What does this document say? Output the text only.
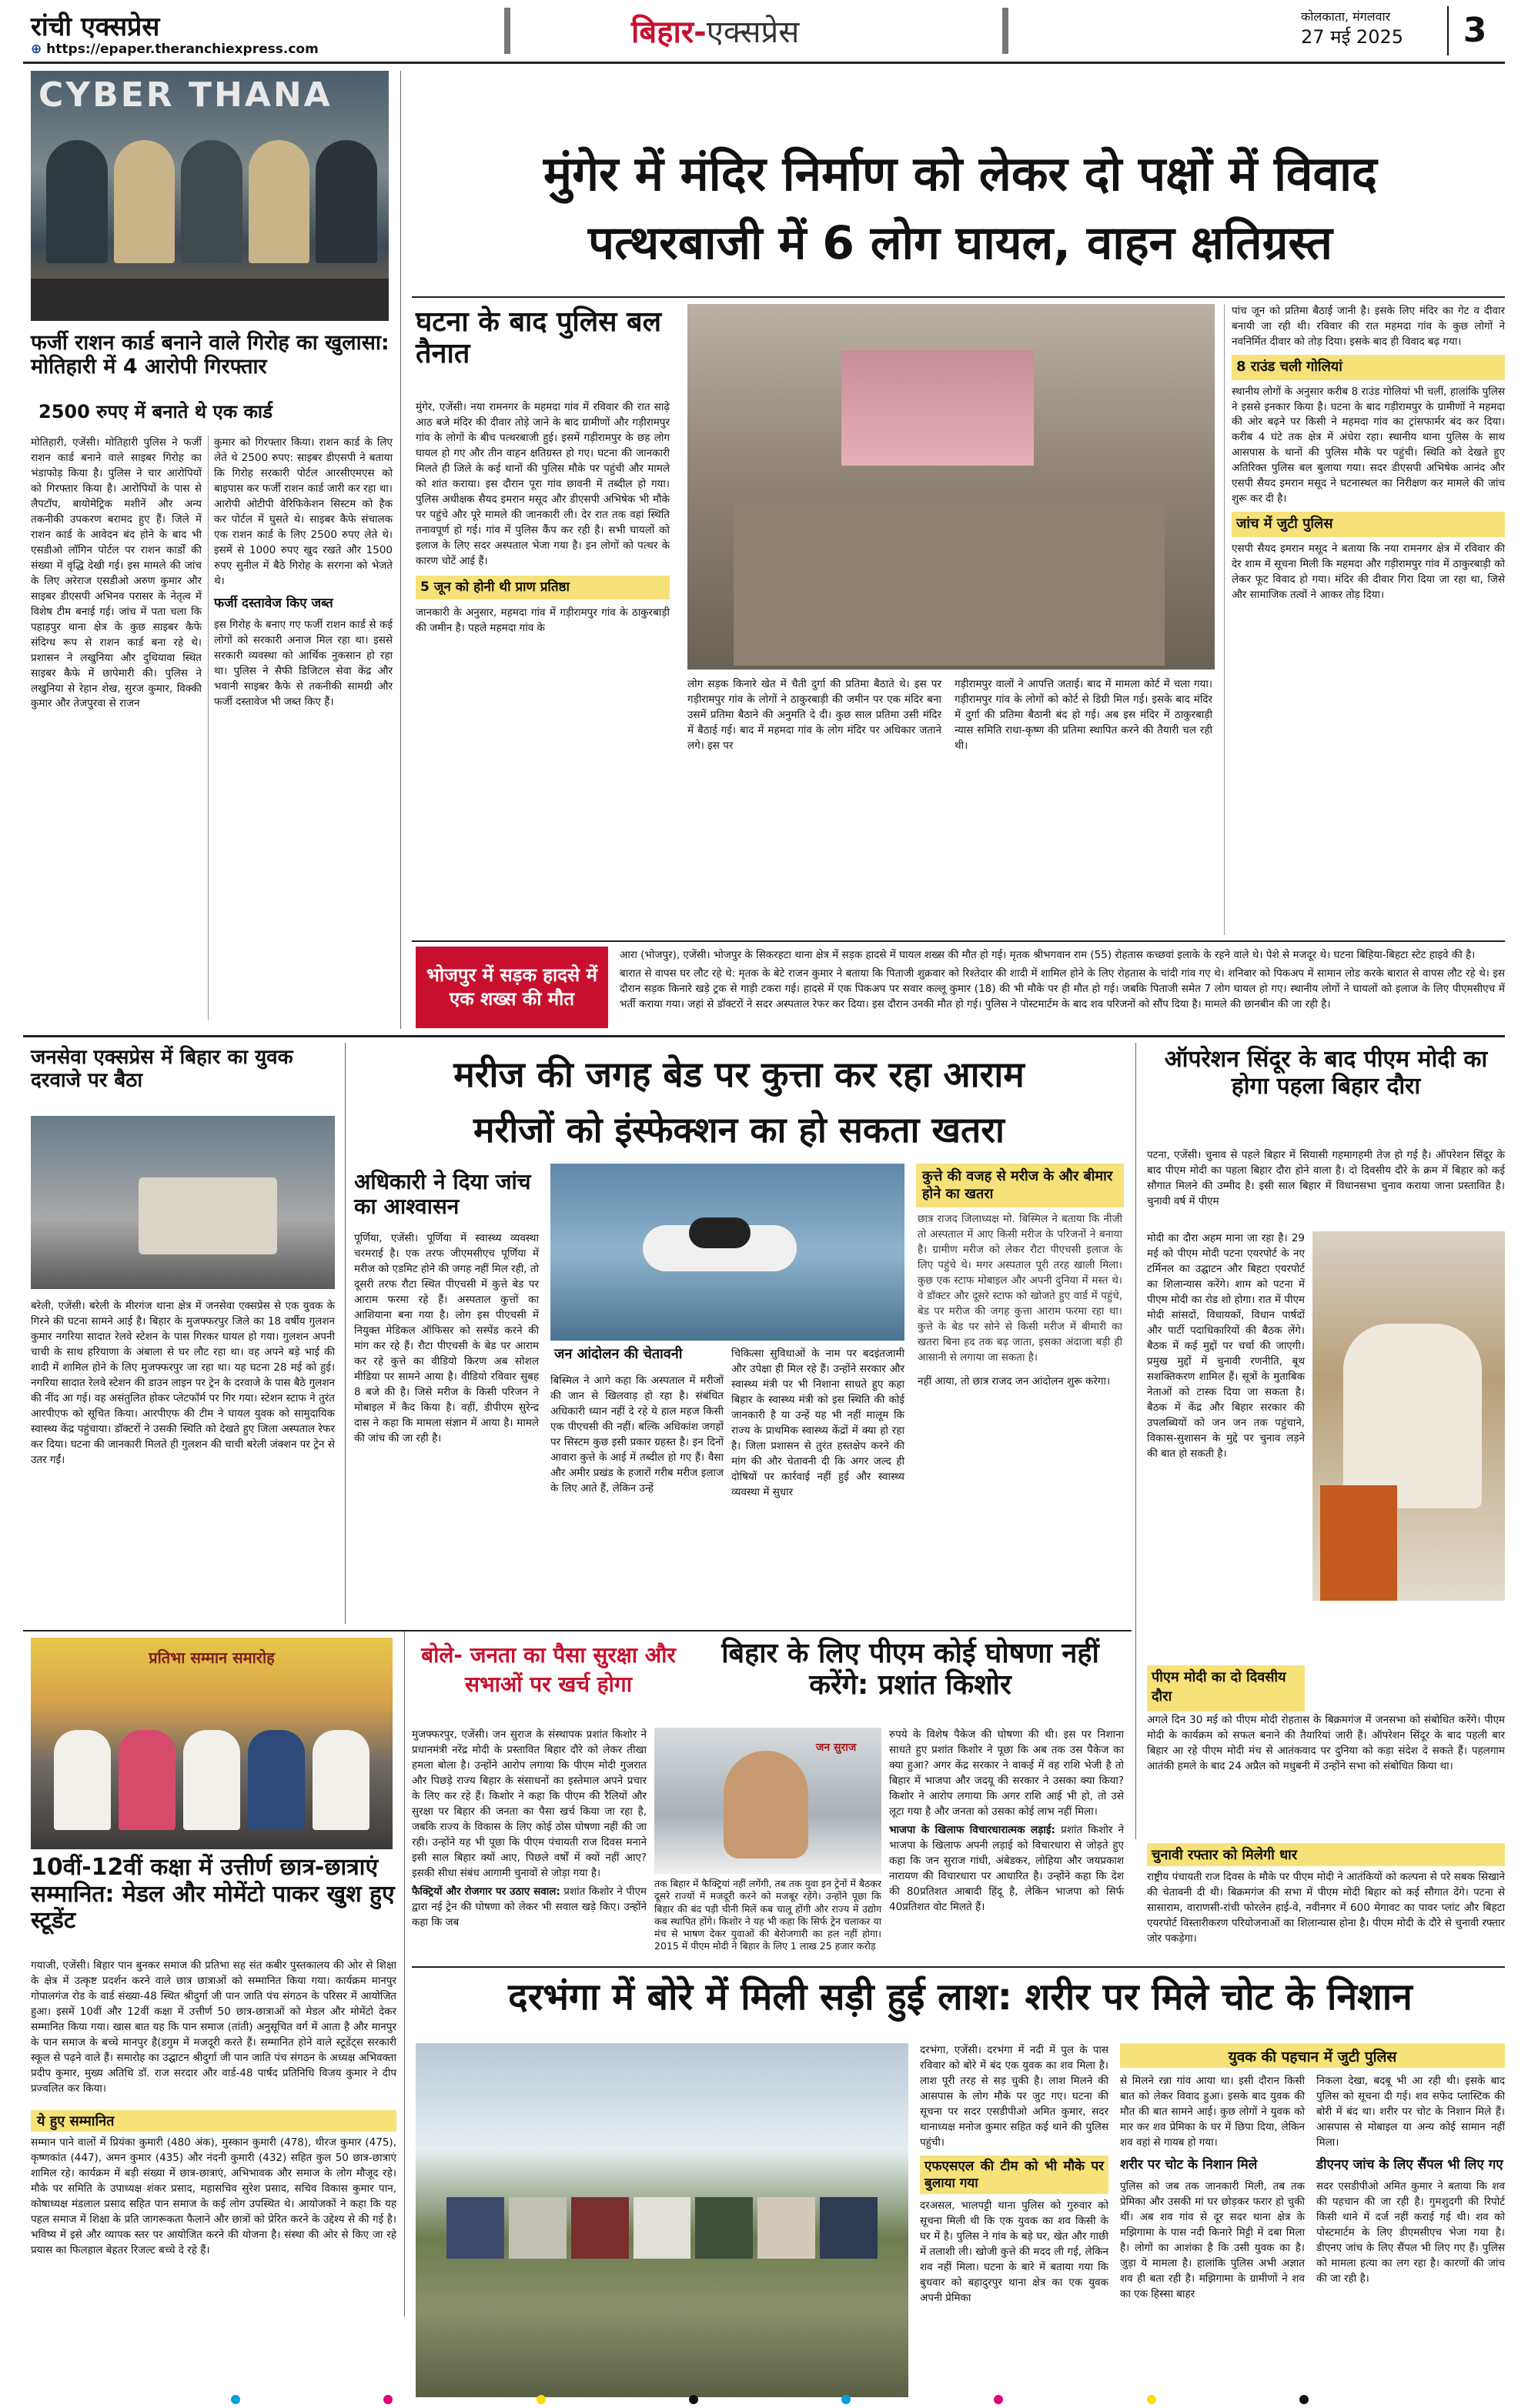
रांची एक्सप्रेस
⊕ https://epaper.theranchiexpress.com	बिहार-एक्सप्रेस	कोलकाता, मंगलवार
27 मई 2025	3
CYBER THANA
फर्जी राशन कार्ड बनाने वाले गिरोह का खुलासा: मोतिहारी में 4 आरोपी गिरफ्तार
2500 रुपए में बनाते थे एक कार्ड
मोतिहारी, एजेंसी। मोतिहारी पुलिस ने फर्जी राशन कार्ड बनाने वाले साइबर गिरोह का भंडाफोड़ किया है। पुलिस ने चार आरोपियों को गिरफ्तार किया है। आरोपियों के पास से लैपटॉप, बायोमेट्रिक मशीनें और अन्य तकनीकी उपकरण बरामद हुए हैं। जिले में राशन कार्ड के आवेदन बंद होने के बाद भी एसडीओ लॉगिन पोर्टल पर राशन कार्डों की संख्या में वृद्धि देखी गई। इस मामले की जांच के लिए अरेराज एसडीओ अरुण कुमार और साइबर डीएसपी अभिनव परासर के नेतृत्व में विशेष टीम बनाई गई। जांच में पता चला कि पहाड़पुर थाना क्षेत्र के कुछ साइबर कैफे संदिग्ध रूप से राशन कार्ड बना रहे थे। प्रशासन ने लखुनिया और दुधियावा स्थित साइबर कैफे में छापेमारी की। पुलिस ने लखुनिया से रेहान शेख, सुरज कुमार, विक्की कुमार और तेजपुरवा से राजन

कुमार को गिरफ्तार किया। राशन कार्ड के लिए लेते थे 2500 रुपए: साइबर डीएसपी ने बताया कि गिरोह सरकारी पोर्टल आरसीएमएस को बाइपास कर फर्जी राशन कार्ड जारी कर रहा था। आरोपी ओटीपी वेरिफिकेशन सिस्टम को हैक कर पोर्टल में घुसते थे। साइबर कैफे संचालक एक राशन कार्ड के लिए 2500 रुपए लेते थे। इसमें से 1000 रुपए खुद रखते और 1500 रुपए सुनील में बैठे गिरोह के सरगना को भेजते थे।

फर्जी दस्तावेज किए जब्त

इस गिरोह के बनाए गए फर्जी राशन कार्ड से कई लोगों को सरकारी अनाज मिल रहा था। इससे सरकारी व्यवस्था को आर्थिक नुकसान हो रहा था। पुलिस ने सैफी डिजिटल सेवा केंद्र और भवानी साइबर कैफे से तकनीकी सामग्री और फर्जी दस्तावेज भी जब्त किए हैं।

मुंगेर में मंदिर निर्माण को लेकर दो पक्षों में विवाद
पत्थरबाजी में 6 लोग घायल, वाहन क्षतिग्रस्त
घटना के बाद पुलिस बल तैनात

मुंगेर, एजेंसी। नया रामनगर के महमदा गांव में रविवार की रात साढ़े आठ बजे मंदिर की दीवार तोड़े जाने के बाद ग्रामीणों और गड़ीरामपुर गांव के लोगों के बीच पत्थरबाजी हुई। इसमें गड़ीरामपुर के छह लोग घायल हो गए और तीन वाहन क्षतिग्रस्त हो गए। घटना की जानकारी मिलते ही जिले के कई थानों की पुलिस मौके पर पहुंची और मामले को शांत कराया। इस दौरान पूरा गांव छावनी में तब्दील हो गया। पुलिस अधीक्षक सैयद इमरान मसूद और डीएसपी अभिषेक भी मौके पर पहुंचे और पूरे मामले की जानकारी ली। देर रात तक वहां स्थिति तनावपूर्ण हो गई। गांव में पुलिस कैंप कर रही है। सभी घायलों को इलाज के लिए सदर अस्पताल भेजा गया है। इन लोगों को पत्थर के कारण चोटें आई हैं।

5 जून को होनी थी प्राण प्रतिष्ठा

जानकारी के अनुसार, महमदा गांव में गड़ीरामपुर गांव के ठाकुरबाड़ी की जमीन है। पहले महमदा गांव के

लोग सड़क किनारे खेत में चैती दुर्गा की प्रतिमा बैठाते थे। इस पर गड़ीरामपुर गांव के लोगों ने ठाकुरबाड़ी की जमीन पर एक मंदिर बना उसमें प्रतिमा बैठाने की अनुमति दे दी। कुछ साल प्रतिमा उसी मंदिर में बैठाई गई। बाद में महमदा गांव के लोग मंदिर पर अधिकार जताने लगे। इस पर
गड़ीरामपुर वालों ने आपत्ति जताई। बाद में मामला कोर्ट में चला गया। गड़ीरामपुर गांव के लोगों को कोर्ट से डिग्री मिल गई। इसके बाद मंदिर में दुर्गा की प्रतिमा बैठानी बंद हो गई। अब इस मंदिर में ठाकुरबाड़ी न्यास समिति राधा-कृष्ण की प्रतिमा स्थापित करने की तैयारी चल रही थी।

पांच जून को प्रतिमा बैठाई जानी है। इसके लिए मंदिर का गेट व दीवार बनायी जा रही थी। रविवार की रात महमदा गांव के कुछ लोगों ने नवनिर्मित दीवार को तोड़ दिया। इसके बाद ही विवाद बढ़ गया।

8 राउंड चली गोलियां

स्थानीय लोगों के अनुसार करीब 8 राउंड गोलियां भी चलीं, हालांकि पुलिस ने इससे इनकार किया है। घटना के बाद गड़ीरामपुर के ग्रामीणों ने महमदा की ओर बढ़ने पर किसी ने महमदा गांव का ट्रांसफार्मर बंद कर दिया। करीब 4 घंटे तक क्षेत्र में अंधेरा रहा। स्थानीय थाना पुलिस के साथ आसपास के थानों की पुलिस मौके पर पहुंची। स्थिति को देखते हुए अतिरिक्त पुलिस बल बुलाया गया। सदर डीएसपी अभिषेक आनंद और एसपी सैयद इमरान मसूद ने घटनास्थल का निरीक्षण कर मामले की जांच शुरू कर दी है।

जांच में जुटी पुलिस

एसपी सैयद इमरान मसूद ने बताया कि नया रामनगर क्षेत्र में रविवार की देर शाम में सूचना मिली कि महमदा और गड़ीरामपुर गांव में ठाकुरबाड़ी को लेकर फूट विवाद हो गया। मंदिर की दीवार गिरा दिया जा रहा था, जिसे और सामाजिक तत्वों ने आकर तोड़ दिया।

भोजपुर में सड़क हादसे में एक शख्स की मौत

आरा (भोजपुर), एजेंसी। भोजपुर के सिकरहटा थाना क्षेत्र में सड़क हादसे में घायल शख्स की मौत हो गई। मृतक श्रीभगवान राम (55) रोहतास कच्छवां इलाके के रहने वाले थे। पेशे से मजदूर थे। घटना बिहिया-बिहटा स्टेट हाइवे की है।

बारात से वापस घर लौट रहे थे: मृतक के बेटे राजन कुमार ने बताया कि पिताजी शुक्रवार को रिश्तेदार की शादी में शामिल होने के लिए रोहतास के चांदी गांव गए थे। शनिवार को पिकअप में सामान लोड करके बारात से वापस लौट रहे थे। इस दौरान सड़क किनारे खड़े ट्रक से गाड़ी टकरा गई। हादसे में एक पिकअप पर सवार कल्लू कुमार (18) की भी मौके पर ही मौत हो गई। जबकि पिताजी समेत 7 लोग घायल हो गए। स्थानीय लोगों ने घायलों को इलाज के लिए पीएमसीएच में भर्ती कराया गया। जहां से डॉक्टरों ने सदर अस्पताल रेफर कर दिया। इस दौरान उनकी मौत हो गई। पुलिस ने पोस्टमार्टम के बाद शव परिजनों को सौंप दिया है। मामले की छानबीन की जा रही है।

जनसेवा एक्सप्रेस में बिहार का युवक दरवाजे पर बैठा
बरेली, एजेंसी। बरेली के मीरगंज थाना क्षेत्र में जनसेवा एक्सप्रेस से एक युवक के गिरने की घटना सामने आई है। बिहार के मुजफ्फरपुर जिले का 18 वर्षीय गुलशन कुमार नगरिया सादात रेलवे स्टेशन के पास गिरकर घायल हो गया। गुलशन अपनी चाची के साथ हरियाणा के अंबाला से घर लौट रहा था। वह अपने बड़े भाई की शादी में शामिल होने के लिए मुजफ्फरपुर जा रहा था। यह घटना 28 मई को हुई। नगरिया सादात रेलवे स्टेशन की डाउन लाइन पर ट्रेन के दरवाजे के पास बैठे गुलशन की नींद आ गई। वह असंतुलित होकर प्लेटफॉर्म पर गिर गया। स्टेशन स्टाफ ने तुरंत आरपीएफ को सूचित किया। आरपीएफ की टीम ने घायल युवक को सामुदायिक स्वास्थ्य केंद्र पहुंचाया। डॉक्टरों ने उसकी स्थिति को देखते हुए जिला अस्पताल रेफर कर दिया। घटना की जानकारी मिलते ही गुलशन की चाची बरेली जंक्शन पर ट्रेन से उतर गईं।
मरीज की जगह बेड पर कुत्ता कर रहा आराम
मरीजों को इंस्फेक्शन का हो सकता खतरा
अधिकारी ने दिया जांच का आश्वासन
पूर्णिया, एजेंसी। पूर्णिया में स्वास्थ्य व्यवस्था चरमराई है। एक तरफ जीएमसीएच पूर्णिया में मरीज को एडमिट होने की जगह नहीं मिल रही, तो दूसरी तरफ रौटा स्थित पीएचसी में कुत्ते बेड पर आराम फरमा रहे हैं। अस्पताल कुत्तों का आशियाना बना गया है। लोग इस पीएचसी में नियुक्त मेडिकल ऑफिसर को सस्पेंड करने की मांग कर रहे हैं। रौटा पीएचसी के बेड पर आराम कर रहे कुत्ते का वीडियो किरण अब सोशल मीडिया पर सामने आया है। वीडियो रविवार सुबह 8 बजे की है। जिसे मरीज के किसी परिजन ने मोबाइल में कैद किया है। वहीं, डीपीएम सुरेन्द्र दास ने कहा कि मामला संज्ञान में आया है। मामले की जांच की जा रही है।
जन आंदोलन की चेतावनी
बिस्मिल ने आगे कहा कि अस्पताल में मरीजों की जान से खिलवाड़ हो रहा है। संबंधित अधिकारी ध्यान नहीं दे रहे ये हाल महज किसी एक पीएचसी की नहीं। बल्कि अधिकांश जगहों पर सिस्टम कुछ इसी प्रकार ग्रहस्त है। इन दिनों आवारा कुत्ते के आई में तब्दील हो गए हैं। वैसा और अमीर प्रखंड के हजारों गरीब मरीज इलाज के लिए आते हैं, लेकिन उन्हें
चिकित्सा सुविधाओं के नाम पर बदइंतजामी और उपेक्षा ही मिल रहे हैं। उन्होंने सरकार और स्वास्थ्य मंत्री पर भी निशाना साधते हुए कहा बिहार के स्वास्थ्य मंत्री को इस स्थिति की कोई जानकारी है या उन्हें यह भी नहीं मालूम कि राज्य के प्राथमिक स्वास्थ्य केंद्रों में क्या हो रहा है। जिला प्रशासन से तुरंत हस्तक्षेप करने की मांग की और चेतावनी दी कि अगर जल्द ही दोषियों पर कार्रवाई नहीं हुई और स्वास्थ्य व्यवस्था में सुधार
कुत्ते की वजह से मरीज के और बीमार होने का खतरा
छात्र राजद जिलाध्यक्ष मो. बिस्मिल ने बताया कि नीजी तो अस्पताल में आए किसी मरीज के परिजनों ने बनाया है। ग्रामीण मरीज को लेकर रौटा पीएचसी इलाज के लिए पहुंचे थे। मगर अस्पताल पूरी तरह खाली मिला। कुछ एक स्टाफ मोबाइल और अपनी दुनिया में मस्त थे। वे डॉक्टर और दूसरे स्टाफ को खोजते हुए वार्ड में पहुंचे, बेड पर मरीज की जगह कुत्ता आराम फरमा रहा था। कुत्ते के बेड पर सोने से किसी मरीज में बीमारी का खतरा बिना हद तक बढ़ जाता, इसका अंदाजा बड़ी ही आसानी से लगाया जा सकता है।
नहीं आया, तो छात्र राजद जन आंदोलन शुरू करेगा।
ऑपरेशन सिंदूर के बाद पीएम मोदी का होगा पहला बिहार दौरा
पटना, एजेंसी। चुनाव से पहले बिहार में सियासी गहमागहमी तेज हो गई है। ऑपरेशन सिंदूर के बाद पीएम मोदी का पहला बिहार दौरा होने वाला है। दो दिवसीय दौरे के क्रम में बिहार को कई सौगात मिलने की उम्मीद है। इसी साल बिहार में विधानसभा चुनाव कराया जाना प्रस्तावित है। चुनावी वर्ष में पीएम
मोदी का दौरा अहम माना जा रहा है। 29 मई को पीएम मोदी पटना एयरपोर्ट के नए टर्मिनल का उद्घाटन और बिहटा एयरपोर्ट का शिलान्यास करेंगे। शाम को पटना में पीएम मोदी का रोड शो होगा। रात में पीएम मोदी सांसदों, विधायकों, विधान पार्षदों और पार्टी पदाधिकारियों की बैठक लेंगे। बैठक में कई मुद्दों पर चर्चा की जाएगी। प्रमुख मुद्दों में चुनावी रणनीति, बूथ सशक्तिकरण शामिल हैं। सूत्रों के मुताबिक नेताओं को टास्क दिया जा सकता है। बैठक में केंद्र और बिहार सरकार की उपलब्धियों को जन जन तक पहुंचाने, विकास-सुशासन के मुद्दे पर चुनाव लड़ने की बात हो सकती है।
पीएम मोदी का दो दिवसीय दौरा
अगले दिन 30 मई को पीएम मोदी रोहतास के बिक्रमगंज में जनसभा को संबोधित करेंगे। पीएम मोदी के कार्यक्रम को सफल बनाने की तैयारियां जारी हैं। ऑपरेशन सिंदूर के बाद पहली बार बिहार आ रहे पीएम मोदी मंच से आतंकवाद पर दुनिया को कड़ा संदेश दे सकते हैं। पहलगाम आतंकी हमले के बाद 24 अप्रैल को मधुबनी में उन्होंने सभा को संबोधित किया था।
चुनावी रफ्तार को मिलेगी धार
राष्ट्रीय पंचायती राज दिवस के मौके पर पीएम मोदी ने आतंकियों को कल्पना से परे सबक सिखाने की चेतावनी दी थी। बिक्रमगंज की सभा में पीएम मोदी बिहार को कई सौगात देंगे। पटना से सासाराम, वाराणसी-रांची फोरलेन हाई-वे, नवीनगर में 600 मेगावट का पावर प्लांट और बिहटा एयरपोर्ट विस्तारीकरण परियोजनाओं का शिलान्यास होना है। पीएम मोदी के दौरे से चुनावी रफ्तार जोर पकड़ेगा।
प्रतिभा सम्मान समारोह
10वीं-12वीं कक्षा में उत्तीर्ण छात्र-छात्राएं सम्मानित: मेडल और मोमेंटो पाकर खुश हुए स्टूडेंट
गयाजी, एजेंसी। बिहार पान बुनकर समाज की प्रतिभा सह संत कबीर पुस्तकालय की ओर से शिक्षा के क्षेत्र में उत्कृष्ट प्रदर्शन करने वाले छात्र छात्राओं को सम्मानित किया गया। कार्यक्रम मानपुर गोपालगंज रोड के वार्ड संख्या-48 स्थित श्रीदुर्गा जी पान जाति पंच संगठन के परिसर में आयोजित हुआ। इसमें 10वीं और 12वीं कक्षा में उत्तीर्ण 50 छात्र-छात्राओं को मेडल और मोमेंटो देकर सम्मानित किया गया। खास बात यह कि पान समाज (तांती) अनुसूचित वर्ग में आता है और मानपुर के पान समाज के बच्चे मानपुर है(डगुम में मजदूरी करते हैं। सम्मानित होने वाले स्टूडेंट्स सरकारी स्कूल से पढ़ने वाले हैं। समारोह का उद्घाटन श्रीदुर्गा जी पान जाति पंच संगठन के अध्यक्ष अभिवक्ता प्रदीप कुमार, मुख्य अतिथि डॉ. राज सरदार और वार्ड-48 पार्षद प्रतिनिधि विजय कुमार ने दीप प्रज्वलित कर किया।
ये हुए सम्मानित
सम्मान पाने वालों में प्रियंका कुमारी (480 अंक), मुस्कान कुमारी (478), धीरज कुमार (475), कृष्णकांत (447), अमन कुमार (435) और नंदनी कुमारी (432) सहित कुल 50 छात्र-छात्राएं शामिल रहे। कार्यक्रम में बड़ी संख्या में छात्र-छात्राएं, अभिभावक और समाज के लोग मौजूद रहे। मौके पर समिति के उपाध्यक्ष शंकर प्रसाद, महासचिव सुरेश प्रसाद, सचिव विकास कुमार पान, कोषाध्यक्ष मंडलाल प्रसाद सहित पान समाज के कई लोग उपस्थित थे। आयोजकों ने कहा कि यह पहल समाज में शिक्षा के प्रति जागरूकता फैलाने और छात्रों को प्रेरित करने के उद्देश्य से की गई है। भविष्य में इसे और व्यापक स्तर पर आयोजित करने की योजना है। संस्था की ओर से किए जा रहे प्रयास का फिलहाल बेहतर रिजल्ट बच्चे दे रहे हैं।
बोले- जनता का पैसा सुरक्षा और सभाओं पर खर्च होगा
बिहार के लिए पीएम कोई घोषणा नहीं करेंगे: प्रशांत किशोर

मुजफ्फरपुर, एजेंसी। जन सुराज के संस्थापक प्रशांत किशोर ने प्रधानमंत्री नरेंद्र मोदी के प्रस्तावित बिहार दौरे को लेकर तीखा हमला बोला है। उन्होंने आरोप लगाया कि पीएम मोदी गुजरात और पिछड़े राज्य बिहार के संसाधनों का इस्तेमाल अपने प्रचार के लिए कर रहे हैं। किशोर ने कहा कि पीएम की रैलियों और सुरक्षा पर बिहार की जनता का पैसा खर्च किया जा रहा है, जबकि राज्य के विकास के लिए कोई ठोस घोषणा नहीं की जा रही। उन्होंने यह भी पूछा कि पीएम पंचायती राज दिवस मनाने इसी साल बिहार क्यों आए, पिछले वर्षों में क्यों नहीं आए? इसकी सीधा संबंध आगामी चुनावों से जोड़ा गया है।

फैक्ट्रियों और रोजगार पर उठाए सवाल: प्रशांत किशोर ने पीएम द्वारा नई ट्रेन की घोषणा को लेकर भी सवाल खड़े किए। उन्होंने कहा कि जब

जन सुराज
तक बिहार में फैक्ट्रियां नहीं लगेंगी, तब तक युवा इन ट्रेनों में बैठकर दूसरे राज्यों में मजदूरी करने को मजबूर रहेंगे। उन्होंने पूछा कि बिहार की बंद पड़ी चीनी मिलें कब चालू होंगी और राज्य में उद्योग कब स्थापित होंगे। किशोर ने यह भी कहा कि सिर्फ ट्रेन चलाकर या मंच से भाषण देकर युवाओं की बेरोजगारी का हल नहीं होगा। 2015 में पीएम मोदी ने बिहार के लिए 1 लाख 25 हजार करोड़

रुपये के विशेष पैकेज की घोषणा की थी। इस पर निशाना साधते हुए प्रशांत किशोर ने पूछा कि अब तक उस पैकेज का क्या हुआ? अगर केंद्र सरकार ने वाकई में वह राशि भेजी है तो बिहार में भाजपा और जदयू की सरकार ने उसका क्या किया? किशोर ने आरोप लगाया कि अगर राशि आई भी हो, तो उसे लूटा गया है और जनता को उसका कोई लाभ नहीं मिला।

भाजपा के खिलाफ विचारधारात्मक लड़ाई: प्रशांत किशोर ने भाजपा के खिलाफ अपनी लड़ाई को विचारधारा से जोड़ते हुए कहा कि जन सुराज गांधी, अंबेडकर, लोहिया और जयप्रकाश नारायण की विचारधारा पर आधारित है। उन्होंने कहा कि देश की 80प्रतिशत आबादी हिंदू है, लेकिन भाजपा को सिर्फ 40प्रतिशत वोट मिलते हैं।

दरभंगा में बोरे में मिली सड़ी हुई लाश: शरीर पर मिले चोट के निशान

दरभंगा, एजेंसी। दरभंगा में नदी में पुल के पास रविवार को बोरे में बंद एक युवक का शव मिला है। लाश पूरी तरह से सड़ चुकी है। लाश मिलने की आसपास के लोग मौके पर जुट गए। घटना की सूचना पर सदर एसडीपीओ अमित कुमार, सदर थानाध्यक्ष मनोज कुमार सहित कई थाने की पुलिस पहुंची।

एफएसएल की टीम को भी मौके पर बुलाया गया

दरअसल, भालपट्टी थाना पुलिस को गुरुवार को सूचना मिली थी कि एक युवक का शव किसी के घर में है। पुलिस ने गांव के बड़े घर, खेत और गाछी में तलाशी ली। खोजी कुत्ते की मदद ली गई, लेकिन शव नहीं मिला। घटना के बारे में बताया गया कि बुधवार को बहादुरपुर थाना क्षेत्र का एक युवक अपनी प्रेमिका

युवक की पहचान में जुटी पुलिस

से मिलने रन्ना गांव आया था। इसी दौरान किसी बात को लेकर विवाद हुआ। इसके बाद युवक की मौत की बात सामने आई। कुछ लोगों ने युवक को मार कर शव प्रेमिका के घर में छिपा दिया, लेकिन शव वहां से गायब हो गया।

शरीर पर चोट के निशान मिले

पुलिस को जब तक जानकारी मिली, तब तक प्रेमिका और उसकी मां घर छोड़कर फरार हो चुकी थीं। अब शव गांव से दूर सदर थाना क्षेत्र के मझिगामा के पास नदी किनारे मिट्टी में दबा मिला है। लोगों का आशंका है कि उसी युवक का है। जुड़ा ये मामला है। हालांकि पुलिस अभी अज्ञात शव ही बता रही है। मझिगामा के ग्रामीणों ने शव का एक हिस्सा बाहर

निकला देखा, बदबू भी आ रही थी। इसके बाद पुलिस को सूचना दी गई। शव सफेद प्लास्टिक की बोरी में बंद था। शरीर पर चोट के निशान मिले हैं। आसपास से मोबाइल या अन्य कोई सामान नहीं मिला।

डीएनए जांच के लिए सैंपल भी लिए गए

सदर एसडीपीओ अमित कुमार ने बताया कि शव की पहचान की जा रही है। गुमशुदगी की रिपोर्ट किसी थाने में दर्ज नहीं कराई गई थी। शव को पोस्टमार्टम के लिए डीएमसीएच भेजा गया है। डीएनए जांच के लिए सैंपल भी लिए गए हैं। पुलिस को मामला हत्या का लग रहा है। कारणों की जांच की जा रही है।
